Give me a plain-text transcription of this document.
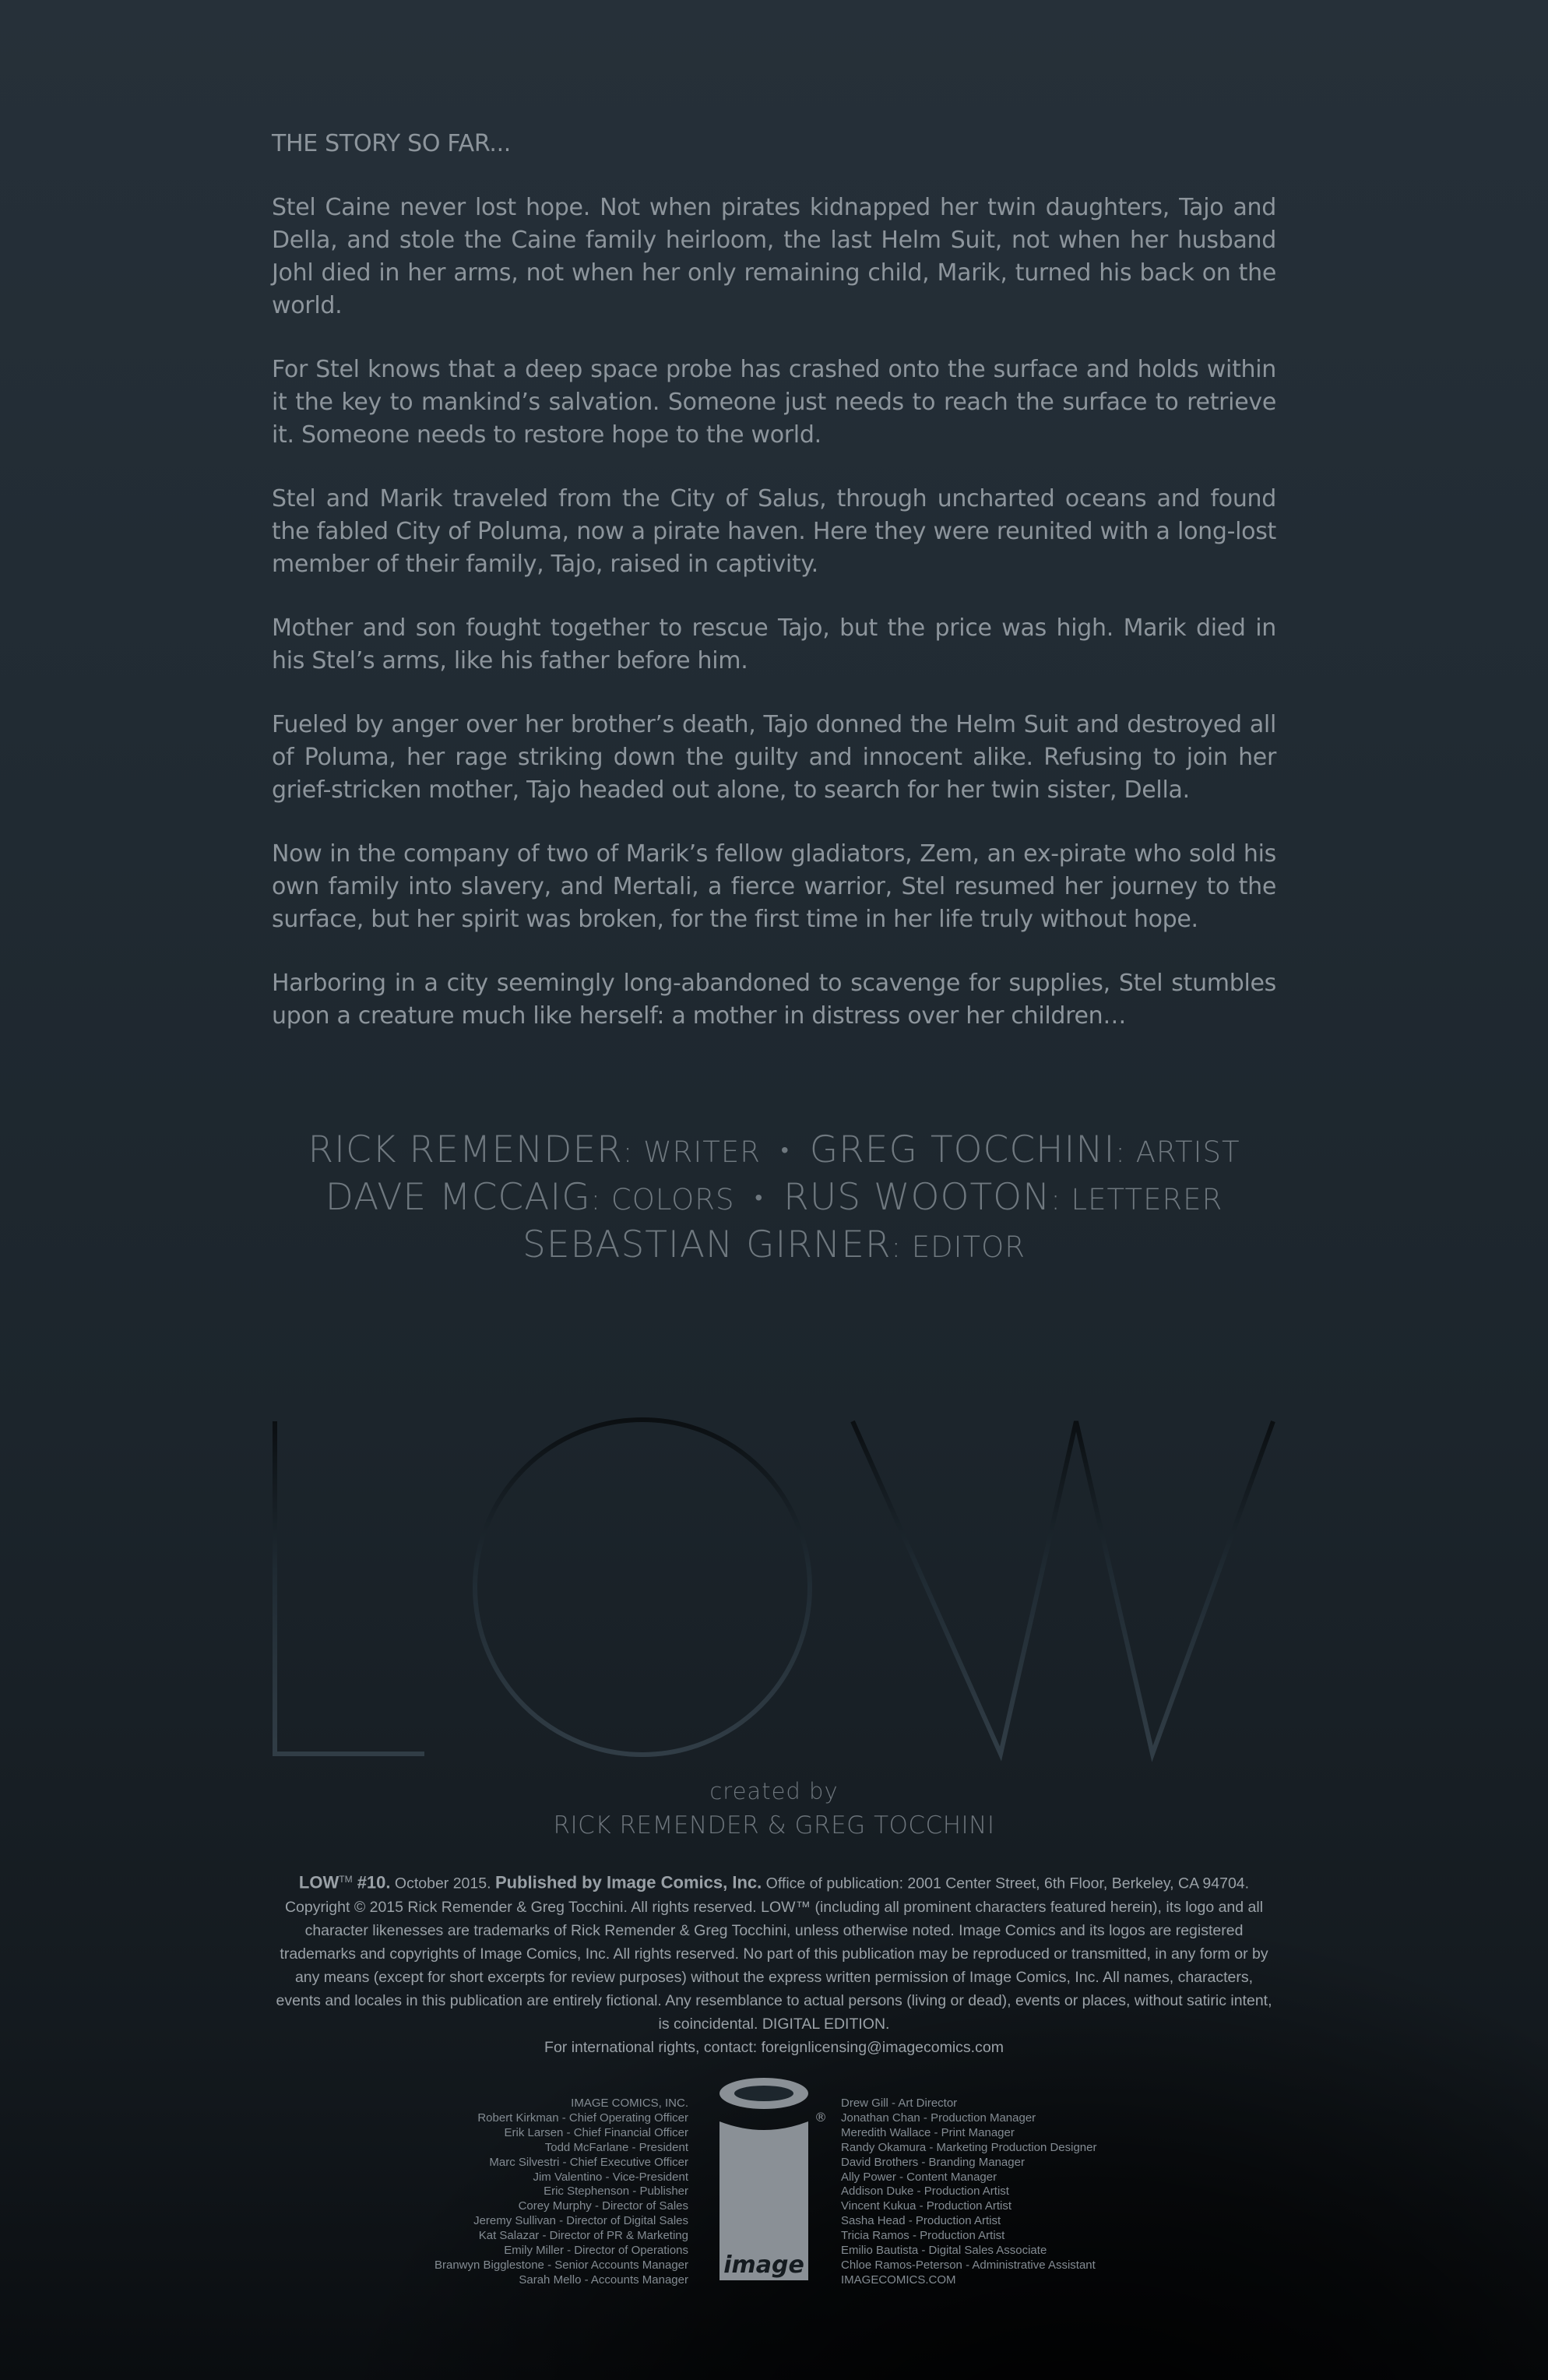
THE STORY SO FAR...

Stel Caine never lost hope. Not when pirates kidnapped her twin daughters, Tajo and Della, and stole the Caine family heirloom, the last Helm Suit, not when her husband Johl died in her arms, not when her only remaining child, Marik, turned his back on the world.

For Stel knows that a deep space probe has crashed onto the surface and holds within it the key to mankind’s salvation. Someone just needs to reach the surface to retrieve it. Someone needs to restore hope to the world.

Stel and Marik traveled from the City of Salus, through uncharted oceans and found the fabled City of Poluma, now a pirate haven. Here they were reunited with a long-lost member of their family, Tajo, raised in captivity.

Mother and son fought together to rescue Tajo, but the price was high. Marik died in his Stel’s arms, like his father before him.

Fueled by anger over her brother’s death, Tajo donned the Helm Suit and destroyed all of Poluma, her rage striking down the guilty and innocent alike. Refusing to join her grief-stricken mother, Tajo headed out alone, to search for her twin sister, Della.

Now in the company of two of Marik’s fellow gladiators, Zem, an ex-pirate who sold his own family into slavery, and Mertali, a fierce warrior, Stel resumed her journey to the surface, but her spirit was broken, for the first time in her life truly without hope.

Harboring in a city seemingly long-abandoned to scavenge for supplies, Stel stumbles upon a creature much like herself: a mother in distress over her children…

RICK REMENDER: WRITER • GREG TOCCHINI: ARTIST
DAVE MCCAIG: COLORS • RUS WOOTON: LETTERER
SEBASTIAN GIRNER: EDITOR
created by
RICK REMENDER & GREG TOCCHINI
LOW™ #10. October 2015. Published by Image Comics, Inc. Office of publication: 2001 Center Street, 6th Floor, Berkeley, CA 94704. Copyright © 2015 Rick Remender & Greg Tocchini. All rights reserved. LOW™ (including all prominent characters featured herein), its logo and all character likenesses are trademarks of Rick Remender & Greg Tocchini, unless otherwise noted. Image Comics and its logos are registered trademarks and copyrights of Image Comics, Inc. All rights reserved. No part of this publication may be reproduced or transmitted, in any form or by any means (except for short excerpts for review purposes) without the express written permission of Image Comics, Inc. All names, characters, events and locales in this publication are entirely fictional. Any resemblance to actual persons (living or dead), events or places, without satiric intent, is coincidental. DIGITAL EDITION.
For international rights, contact: foreignlicensing@imagecomics.com
IMAGE COMICS, INC.
Robert Kirkman - Chief Operating Officer
Erik Larsen - Chief Financial Officer
Todd McFarlane - President
Marc Silvestri - Chief Executive Officer
Jim Valentino - Vice-President
Eric Stephenson - Publisher
Corey Murphy - Director of Sales
Jeremy Sullivan - Director of Digital Sales
Kat Salazar - Director of PR & Marketing
Emily Miller - Director of Operations
Branwyn Bigglestone - Senior Accounts Manager
Sarah Mello - Accounts Manager
image
®
Drew Gill - Art Director
Jonathan Chan - Production Manager
Meredith Wallace - Print Manager
Randy Okamura - Marketing Production Designer
David Brothers - Branding Manager
Ally Power - Content Manager
Addison Duke - Production Artist
Vincent Kukua - Production Artist
Sasha Head - Production Artist
Tricia Ramos - Production Artist
Emilio Bautista - Digital Sales Associate
Chloe Ramos-Peterson - Administrative Assistant
IMAGECOMICS.COM
